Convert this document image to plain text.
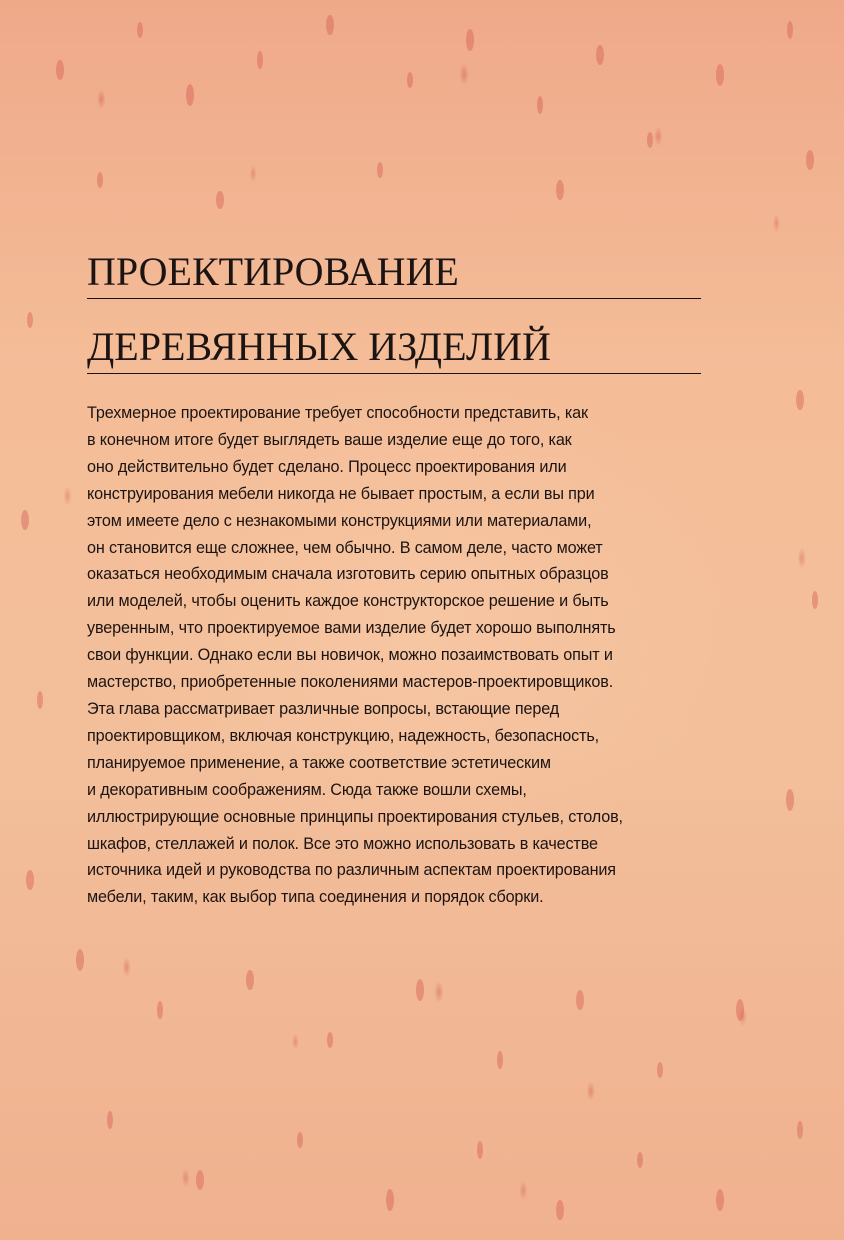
ПРОЕКТИРОВАНИЕ
ДЕРЕВЯННЫХ ИЗДЕЛИЙ
Трехмерное проектирование требует способности представить, как
в конечном итоге будет выглядеть ваше изделие еще до того, как
оно действительно будет сделано. Процесс проектирования или
конструирования мебели никогда не бывает простым, а если вы при
этом имеете дело с незнакомыми конструкциями или материалами,
он становится еще сложнее, чем обычно. В самом деле, часто может
оказаться необходимым сначала изготовить серию опытных образцов
или моделей, чтобы оценить каждое конструкторское решение и быть
уверенным, что проектируемое вами изделие будет хорошо выполнять
свои функции. Однако если вы новичок, можно позаимствовать опыт и
мастерство, приобретенные поколениями мастеров-проектировщиков.
Эта глава рассматривает различные вопросы, встающие перед
проектировщиком, включая конструкцию, надежность, безопасность,
планируемое применение, а также соответствие эстетическим
и декоративным соображениям. Сюда также вошли схемы,
иллюстрирующие основные принципы проектирования стульев, столов,
шкафов, стеллажей и полок. Все это можно использовать в качестве
источника идей и руководства по различным аспектам проектирования
мебели, таким, как выбор типа соединения и порядок сборки.
